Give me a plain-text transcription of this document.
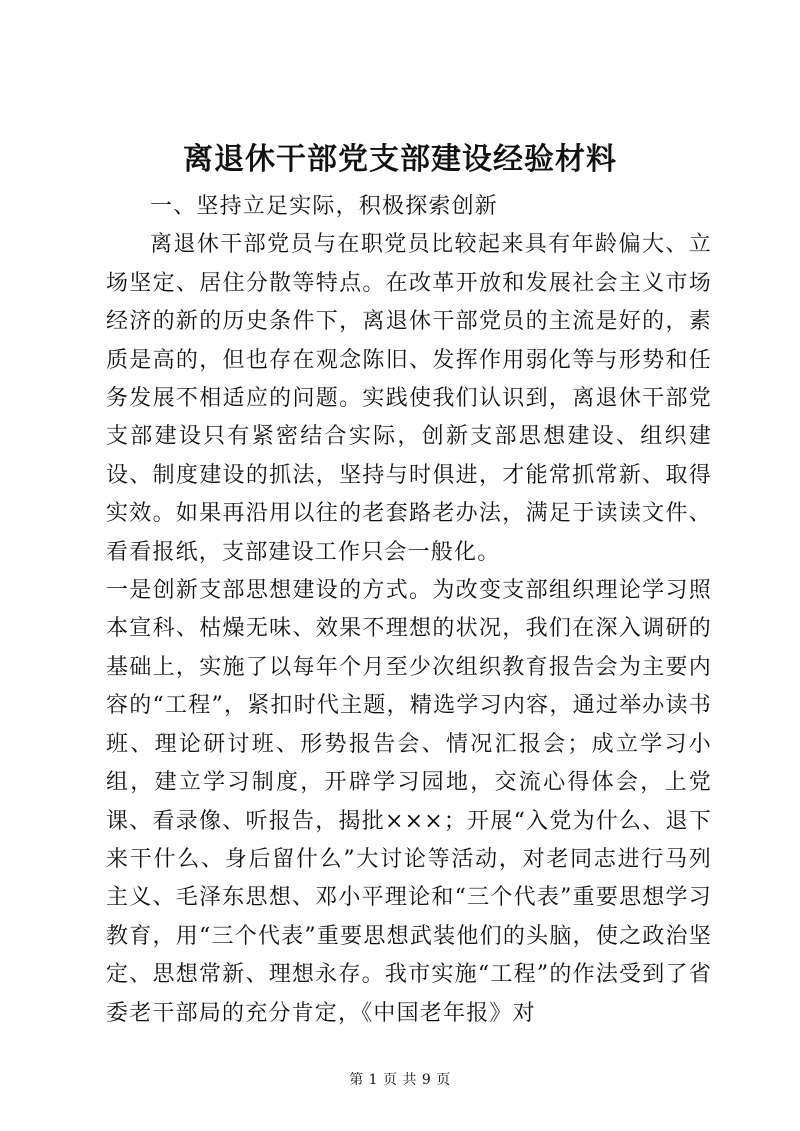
离退休干部党支部建设经验材料

一、坚持立足实际，积极探索创新

离退休干部党员与在职党员比较起来具有年龄偏大、立场坚定、居住分散等特点。在改革开放和发展社会主义市场经济的新的历史条件下，离退休干部党员的主流是好的，素质是高的，但也存在观念陈旧、发挥作用弱化等与形势和任务发展不相适应的问题。实践使我们认识到，离退休干部党支部建设只有紧密结合实际，创新支部思想建设、组织建设、制度建设的抓法，坚持与时俱进，才能常抓常新、取得实效。如果再沿用以往的老套路老办法，满足于读读文件、看看报纸，支部建设工作只会一般化。

一是创新支部思想建设的方式。为改变支部组织理论学习照本宣科、枯燥无味、效果不理想的状况，我们在深入调研的基础上，实施了以每年个月至少次组织教育报告会为主要内容的“工程”，紧扣时代主题，精选学习内容，通过举办读书班、理论研讨班、形势报告会、情况汇报会；成立学习小组，建立学习制度，开辟学习园地，交流心得体会，上党课、看录像、听报告，揭批×××；开展“入党为什么、退下来干什么、身后留什么”大讨论等活动，对老同志进行马列主义、毛泽东思想、邓小平理论和“三个代表”重要思想学习教育，用“三个代表”重要思想武装他们的头脑，使之政治坚定、思想常新、理想永存。我市实施“工程”的作法受到了省委老干部局的充分肯定，《中国老年报》对

第 1 页 共 9 页
